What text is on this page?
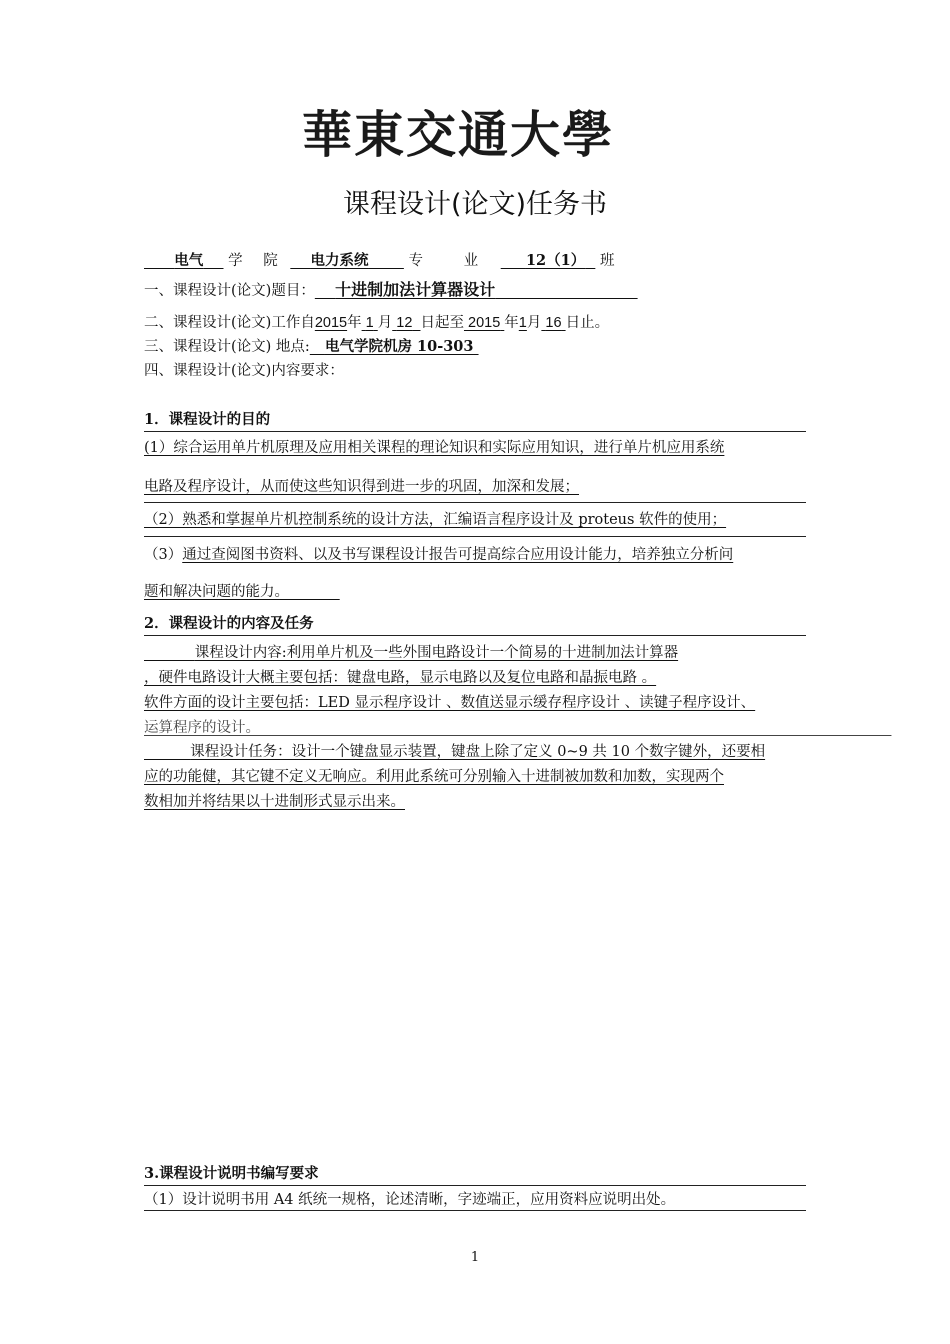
華東交通大學
课程设计(论文)任务书
电气 学 院 电力系统	专 业 12（1） 班
一、课程设计(论文)题目： 十进制加法计算器设计
二、课程设计(论文)工作自2015年 1 月 12 日起至 2015 年1月 16 日止。
三、课程设计(论文) 地点: 电气学院机房 10-303
四、课程设计(论文)内容要求：
1．课程设计的目的
(1）综合运用单片机原理及应用相关课程的理论知识和实际应用知识，进行单片机应用系统
电路及程序设计，从而使这些知识得到进一步的巩固，加深和发展；
（2）熟悉和掌握单片机控制系统的设计方法，汇编语言程序设计及 proteus 软件的使用；
（3）通过查阅图书资料、以及书写课程设计报告可提高综合应用设计能力，培养独立分析问
题和解决问题的能力。
2．课程设计的内容及任务
课程设计内容:利用单片机及一些外围电路设计一个简易的十进制加法计算器
，硬件电路设计大概主要包括：键盘电路，显示电路以及复位电路和晶振电路 。
软件方面的设计主要包括：LED 显示程序设计 、数值送显示缓存程序设计 、读键子程序设计、
运算程序的设计。
课程设计任务：设计一个键盘显示装置，键盘上除了定义 0~9 共 10 个数字键外，还要相
应的功能健，其它键不定义无响应。利用此系统可分别输入十进制被加数和加数，实现两个
数相加并将结果以十进制形式显示出来。
3.课程设计说明书编写要求
（1）设计说明书用 A4 纸统一规格，论述清晰，字迹端正，应用资料应说明出处。
1
